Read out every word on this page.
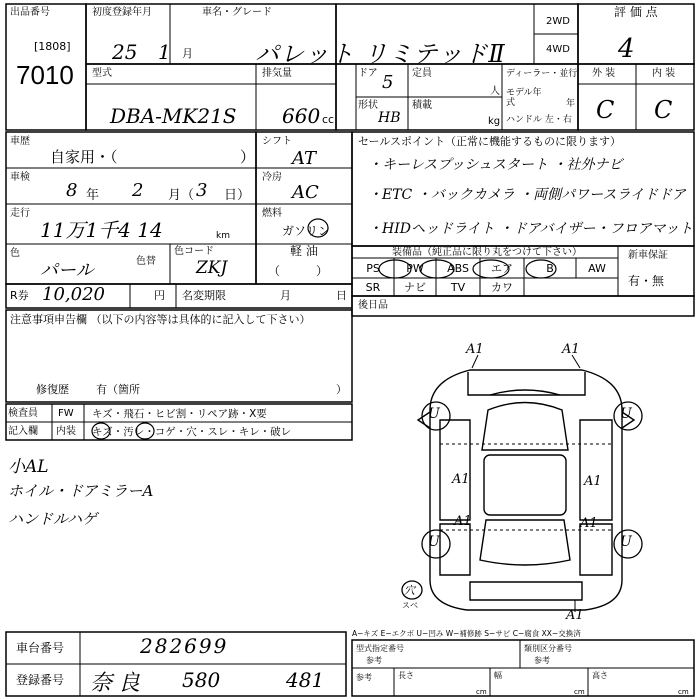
出品番号
[1808]
7010
初度登録年月
25 1 月
車名・グレード
パレット リミテッドⅡ
2WD
4WD
評 価 点
4
型式
DBA-MK21S
排気量
660 cc
ドア 5
形状
HB
定員
人
積載
kg
ディーラー・並行
モデル年式	年
ハンドル 左・右
外 装	内 装
C C
車歴
自家用・（	）
シフト
AT
車検
8 年 2 月（ 3 日）
冷房
AC
走行
11万1千4 14	km
燃料
ガソリン
軽 油
（　　　）
色
パール	色替
色コード
ZKJ
R券 10,020	円 名変期限	月	日
注意事項申告欄 （以下の内容等は具体的に記入して下さい）
修復歴 有（箇所	）
検査員
記入欄
FW キズ・飛石・ヒビ割・リペア跡・X要
内装 キズ・汚レ・コゲ・穴・スレ・キレ・破レ
小AL
ホイル・ドアミラーA
ハンドルハゲ
セールスポイント（正常に機能するものに限ります）
・キーレスプッシュスタート ・社外ナビ
・ETC ・バックカメラ ・両側パワースライドドア
・HIDヘッドライト ・ドアバイザー・フロアマット
装備品（純正品に限り丸をつけて下さい）
PS	PW	ABS	エア	B	AW
SR	ナビ	TV	カワ
新車保証
有・無
後日品
A1	A1
A1	A1
A1	A1
A1
U	U
U	U
穴
スベ
A−キズ E−エクボ U−凹み W−補修跡 S−サビ C−腐食 XX−交換済
車台番号	282699
登録番号 奈良 580	481
型式指定番号
参考
類別区分番号
参考
参考	長さ
cm
幅
cm
高さ
cm
